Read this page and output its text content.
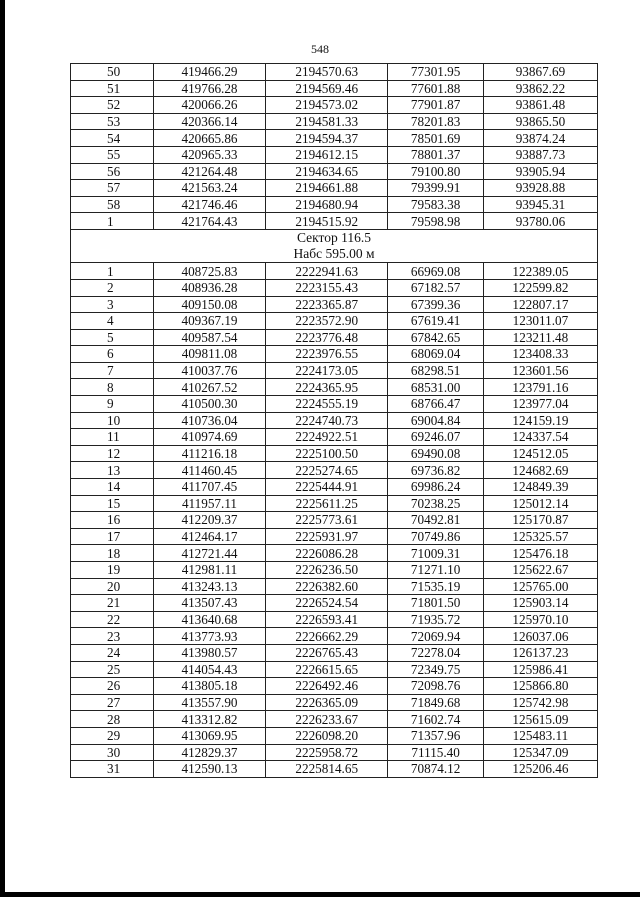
548
50	419466.29	2194570.63	77301.95	93867.69
51	419766.28	2194569.46	77601.88	93862.22
52	420066.26	2194573.02	77901.87	93861.48
53	420366.14	2194581.33	78201.83	93865.50
54	420665.86	2194594.37	78501.69	93874.24
55	420965.33	2194612.15	78801.37	93887.73
56	421264.48	2194634.65	79100.80	93905.94
57	421563.24	2194661.88	79399.91	93928.88
58	421746.46	2194680.94	79583.38	93945.31
1	421764.43	2194515.92	79598.98	93780.06

Сектор 116.5
Набс 595.00 м				

1	408725.83	2222941.63	66969.08	122389.05
2	408936.28	2223155.43	67182.57	122599.82
3	409150.08	2223365.87	67399.36	122807.17
4	409367.19	2223572.90	67619.41	123011.07
5	409587.54	2223776.48	67842.65	123211.48
6	409811.08	2223976.55	68069.04	123408.33
7	410037.76	2224173.05	68298.51	123601.56
8	410267.52	2224365.95	68531.00	123791.16
9	410500.30	2224555.19	68766.47	123977.04
10	410736.04	2224740.73	69004.84	124159.19
11	410974.69	2224922.51	69246.07	124337.54
12	411216.18	2225100.50	69490.08	124512.05
13	411460.45	2225274.65	69736.82	124682.69
14	411707.45	2225444.91	69986.24	124849.39
15	411957.11	2225611.25	70238.25	125012.14
16	412209.37	2225773.61	70492.81	125170.87
17	412464.17	2225931.97	70749.86	125325.57
18	412721.44	2226086.28	71009.31	125476.18
19	412981.11	2226236.50	71271.10	125622.67
20	413243.13	2226382.60	71535.19	125765.00
21	413507.43	2226524.54	71801.50	125903.14
22	413640.68	2226593.41	71935.72	125970.10
23	413773.93	2226662.29	72069.94	126037.06
24	413980.57	2226765.43	72278.04	126137.23
25	414054.43	2226615.65	72349.75	125986.41
26	413805.18	2226492.46	72098.76	125866.80
27	413557.90	2226365.09	71849.68	125742.98
28	413312.82	2226233.67	71602.74	125615.09
29	413069.95	2226098.20	71357.96	125483.11
30	412829.37	2225958.72	71115.40	125347.09
31	412590.13	2225814.65	70874.12	125206.46
